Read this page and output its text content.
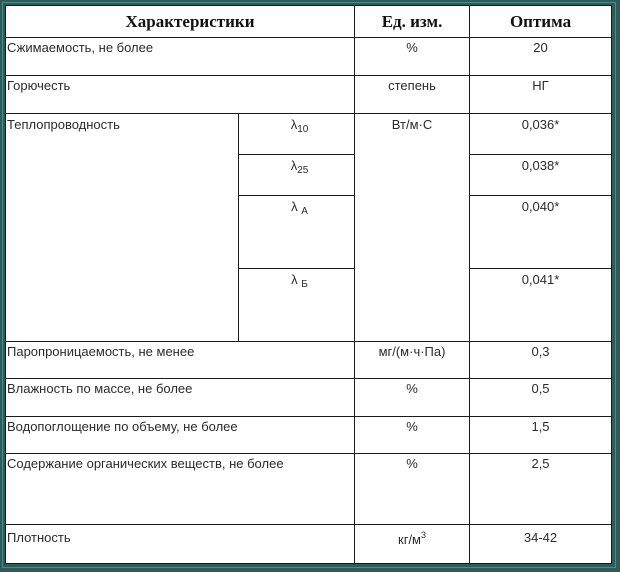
Характеристики		Ед. изм.	Оптима
Сжимаемость, не более		%	20
Горючесть		степень	НГ
Теплопроводность	$\lambda_{10}$	Вт/м·С	0,036*
	$\lambda_{25}$		0,038*
	λ $_А$		0,040*
	λ $_Б$		0,041*
Паропроницаемость, не менее		мг/(м·ч·Па)	0,3
Влажность по массе, не более		%	0,5
Водопоглощение по объему, не более		%	1,5
Содержание органических веществ, не более		%	2,5
Плотность		$кг/м^3$	34-42
